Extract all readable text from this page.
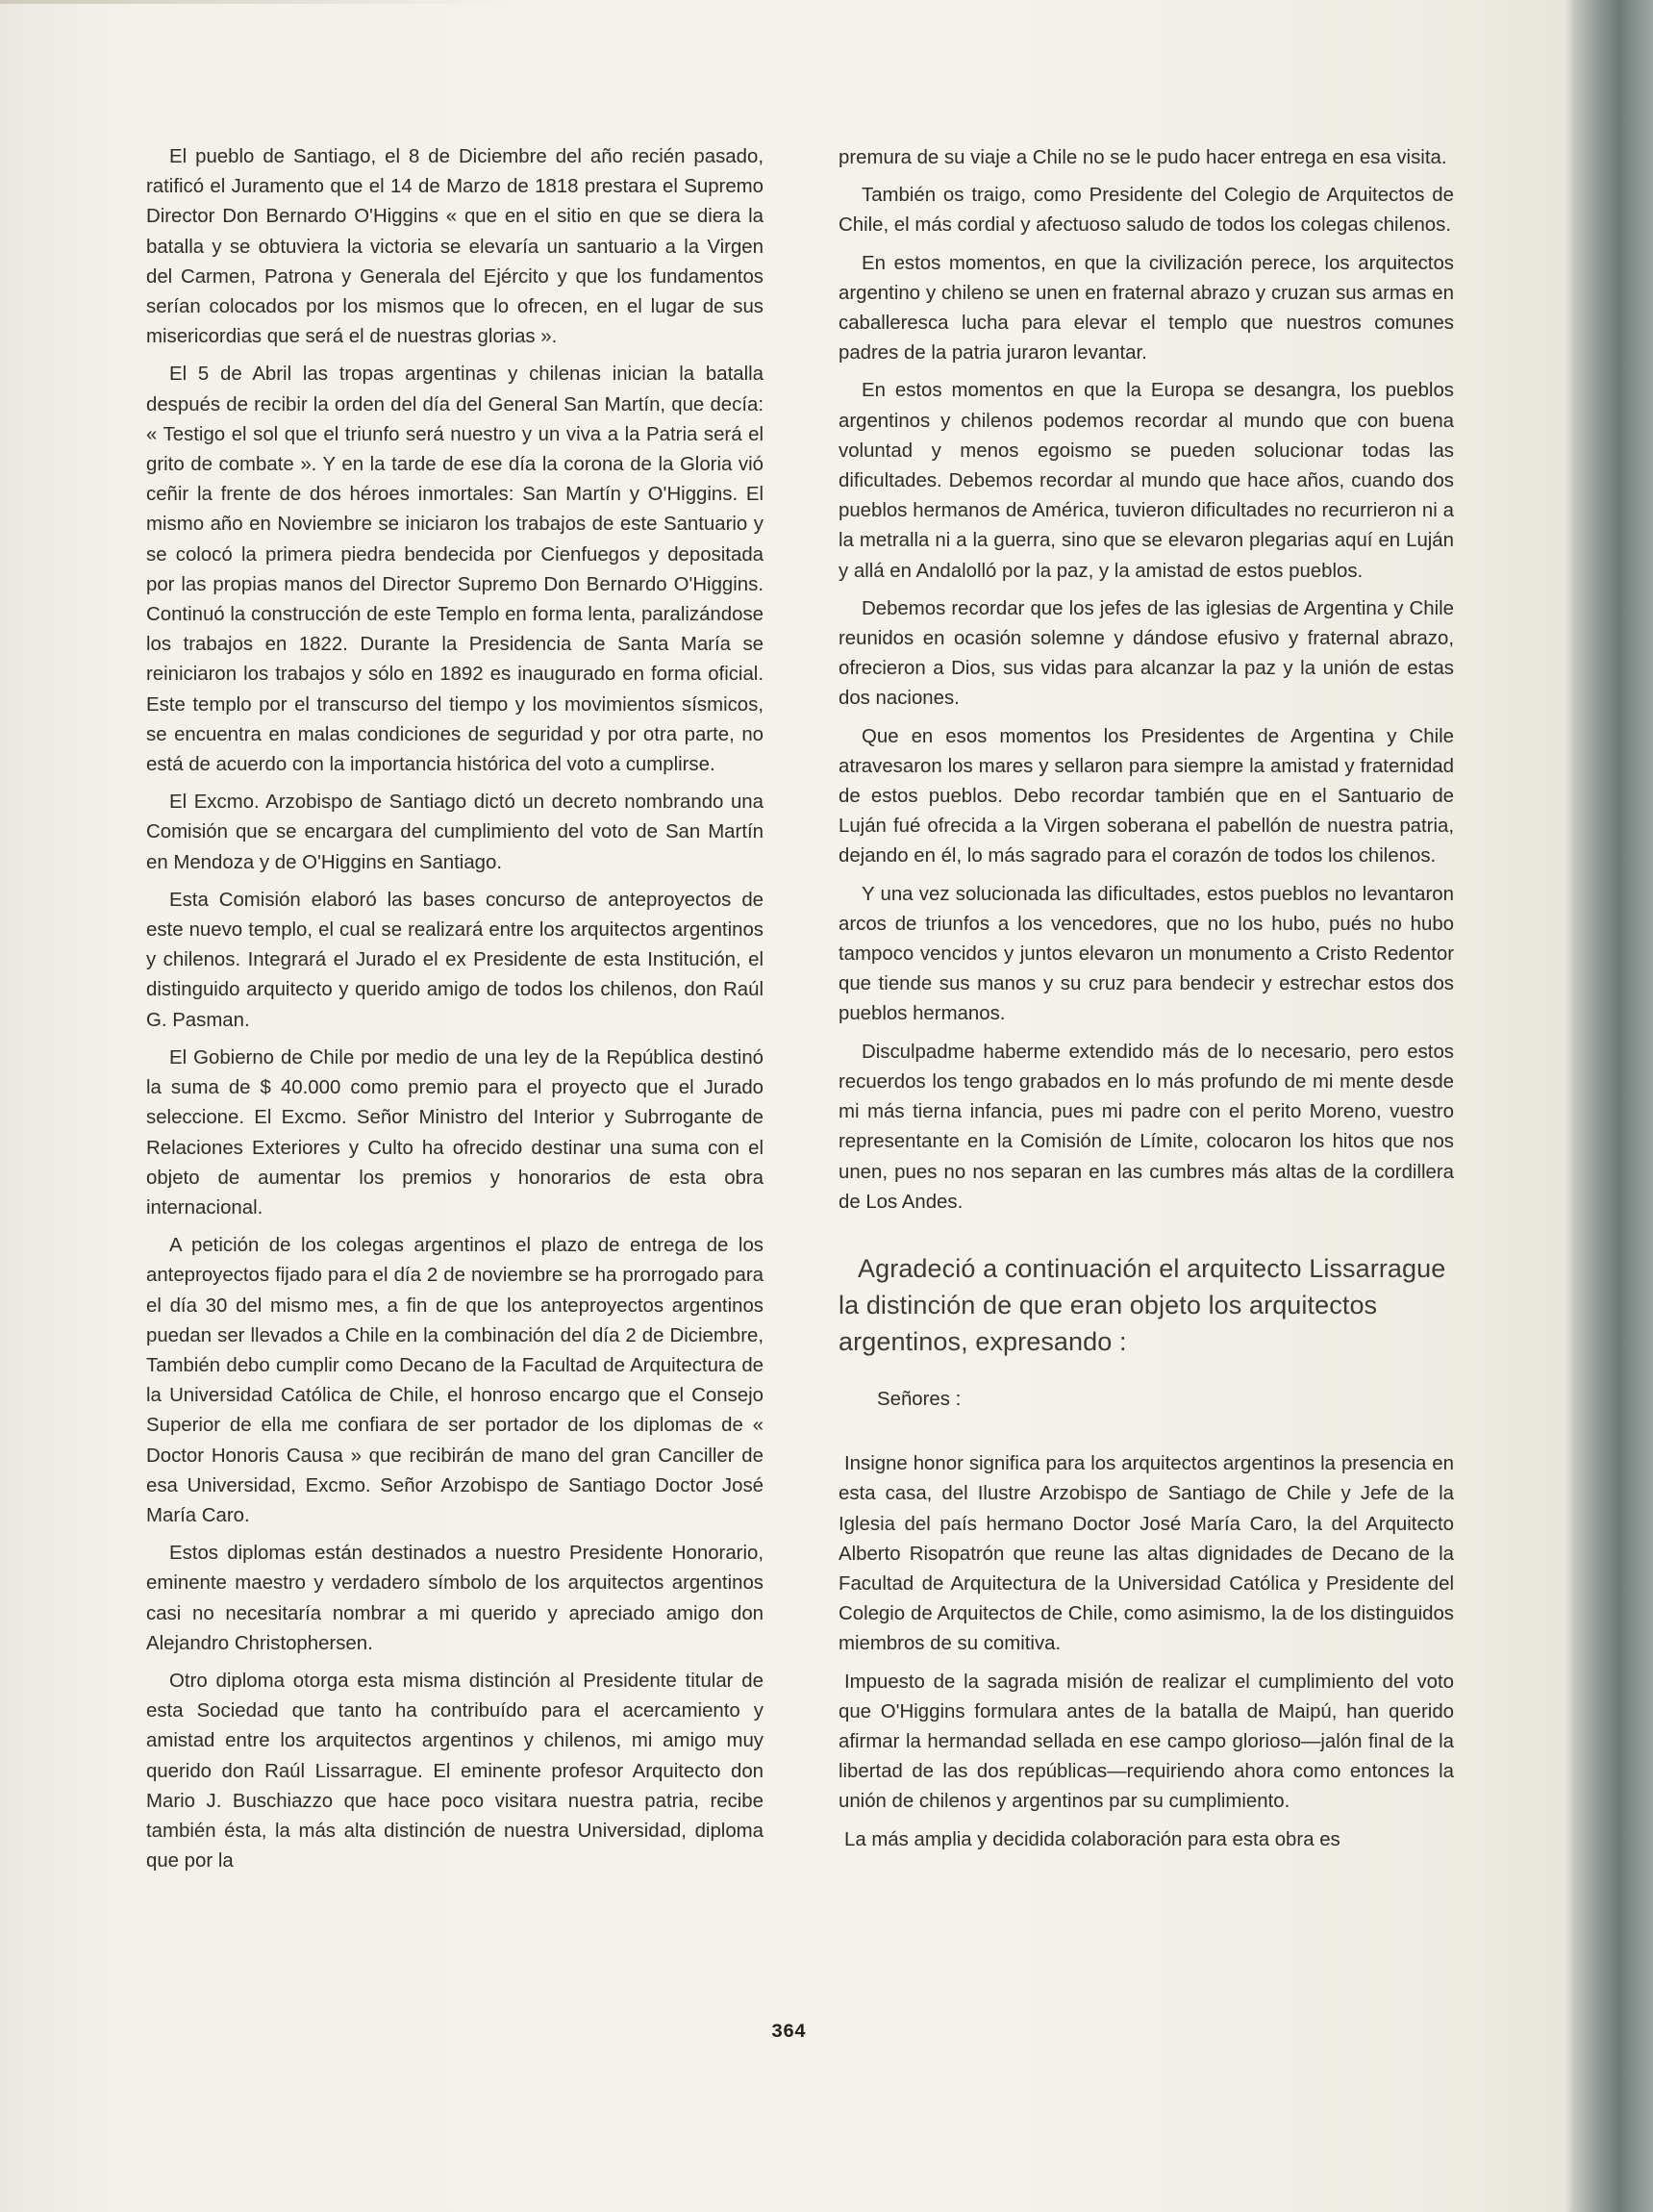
El pueblo de Santiago, el 8 de Diciembre del año recién pasado, ratificó el Juramento que el 14 de Marzo de 1818 prestara el Supremo Director Don Bernardo O'Higgins « que en el sitio en que se diera la batalla y se obtuviera la victoria se elevaría un santuario a la Virgen del Carmen, Patrona y Generala del Ejército y que los fundamentos serían colocados por los mismos que lo ofrecen, en el lugar de sus misericordias que será el de nuestras glorias ».

El 5 de Abril las tropas argentinas y chilenas inician la batalla después de recibir la orden del día del General San Martín, que decía: « Testigo el sol que el triunfo será nuestro y un viva a la Patria será el grito de combate ». Y en la tarde de ese día la corona de la Gloria vió ceñir la frente de dos héroes inmortales: San Martín y O'Higgins. El mismo año en Noviembre se iniciaron los trabajos de este Santuario y se colocó la primera piedra bendecida por Cienfuegos y depositada por las propias manos del Director Supremo Don Bernardo O'Higgins. Continuó la construcción de este Templo en forma lenta, paralizándose los trabajos en 1822. Durante la Presidencia de Santa María se reiniciaron los trabajos y sólo en 1892 es inaugurado en forma oficial. Este templo por el transcurso del tiempo y los movimientos sísmicos, se encuentra en malas condiciones de seguridad y por otra parte, no está de acuerdo con la importancia histórica del voto a cumplirse.

El Excmo. Arzobispo de Santiago dictó un decreto nombrando una Comisión que se encargara del cumplimiento del voto de San Martín en Mendoza y de O'Higgins en Santiago.

Esta Comisión elaboró las bases concurso de anteproyectos de este nuevo templo, el cual se realizará entre los arquitectos argentinos y chilenos. Integrará el Jurado el ex Presidente de esta Institución, el distinguido arquitecto y querido amigo de todos los chilenos, don Raúl G. Pasman.

El Gobierno de Chile por medio de una ley de la República destinó la suma de $ 40.000 como premio para el proyecto que el Jurado seleccione. El Excmo. Señor Ministro del Interior y Subrrogante de Relaciones Exteriores y Culto ha ofrecido destinar una suma con el objeto de aumentar los premios y honorarios de esta obra internacional.

A petición de los colegas argentinos el plazo de entrega de los anteproyectos fijado para el día 2 de noviembre se ha prorrogado para el día 30 del mismo mes, a fin de que los anteproyectos argentinos puedan ser llevados a Chile en la combinación del día 2 de Diciembre, También debo cumplir como Decano de la Facultad de Arquitectura de la Universidad Católica de Chile, el honroso encargo que el Consejo Superior de ella me confiara de ser portador de los diplomas de « Doctor Honoris Causa » que recibirán de mano del gran Canciller de esa Universidad, Excmo. Señor Arzobispo de Santiago Doctor José María Caro.

Estos diplomas están destinados a nuestro Presidente Honorario, eminente maestro y verdadero símbolo de los arquitectos argentinos casi no necesitaría nombrar a mi querido y apreciado amigo don Alejandro Christophersen.

Otro diploma otorga esta misma distinción al Presidente titular de esta Sociedad que tanto ha contribuído para el acercamiento y amistad entre los arquitectos argentinos y chilenos, mi amigo muy querido don Raúl Lissarrague. El eminente profesor Arquitecto don Mario J. Buschiazzo que hace poco visitara nuestra patria, recibe también ésta, la más alta distinción de nuestra Universidad, diploma que por la

premura de su viaje a Chile no se le pudo hacer entrega en esa visita.

También os traigo, como Presidente del Colegio de Arquitectos de Chile, el más cordial y afectuoso saludo de todos los colegas chilenos.

En estos momentos, en que la civilización perece, los arquitectos argentino y chileno se unen en fraternal abrazo y cruzan sus armas en caballeresca lucha para elevar el templo que nuestros comunes padres de la patria juraron levantar.

En estos momentos en que la Europa se desangra, los pueblos argentinos y chilenos podemos recordar al mundo que con buena voluntad y menos egoismo se pueden solucionar todas las dificultades. Debemos recordar al mundo que hace años, cuando dos pueblos hermanos de América, tuvieron dificultades no recurrieron ni a la metralla ni a la guerra, sino que se elevaron plegarias aquí en Luján y allá en Andalolló por la paz, y la amistad de estos pueblos.

Debemos recordar que los jefes de las iglesias de Argentina y Chile reunidos en ocasión solemne y dándose efusivo y fraternal abrazo, ofrecieron a Dios, sus vidas para alcanzar la paz y la unión de estas dos naciones.

Que en esos momentos los Presidentes de Argentina y Chile atravesaron los mares y sellaron para siempre la amistad y fraternidad de estos pueblos. Debo recordar también que en el Santuario de Luján fué ofrecida a la Virgen soberana el pabellón de nuestra patria, dejando en él, lo más sagrado para el corazón de todos los chilenos.

Y una vez solucionada las dificultades, estos pueblos no levantaron arcos de triunfos a los vencedores, que no los hubo, pués no hubo tampoco vencidos y juntos elevaron un monumento a Cristo Redentor que tiende sus manos y su cruz para bendecir y estrechar estos dos pueblos hermanos.

Disculpadme haberme extendido más de lo necesario, pero estos recuerdos los tengo grabados en lo más profundo de mi mente desde mi más tierna infancia, pues mi padre con el perito Moreno, vuestro representante en la Comisión de Límite, colocaron los hitos que nos unen, pues no nos separan en las cumbres más altas de la cordillera de Los Andes.

Agradeció a continuación el arquitecto Lissarrague la distinción de que eran objeto los arquitectos argentinos, expresando :
Señores :

Insigne honor significa para los arquitectos argentinos la presencia en esta casa, del Ilustre Arzobispo de Santiago de Chile y Jefe de la Iglesia del país hermano Doctor José María Caro, la del Arquitecto Alberto Risopatrón que reune las altas dignidades de Decano de la Facultad de Arquitectura de la Universidad Católica y Presidente del Colegio de Arquitectos de Chile, como asimismo, la de los distinguidos miembros de su comitiva.

Impuesto de la sagrada misión de realizar el cumplimiento del voto que O'Higgins formulara antes de la batalla de Maipú, han querido afirmar la hermandad sellada en ese campo glorioso—jalón final de la libertad de las dos repúblicas—requiriendo ahora como entonces la unión de chilenos y argentinos par su cumplimiento.

La más amplia y decidida colaboración para esta obra es

364
